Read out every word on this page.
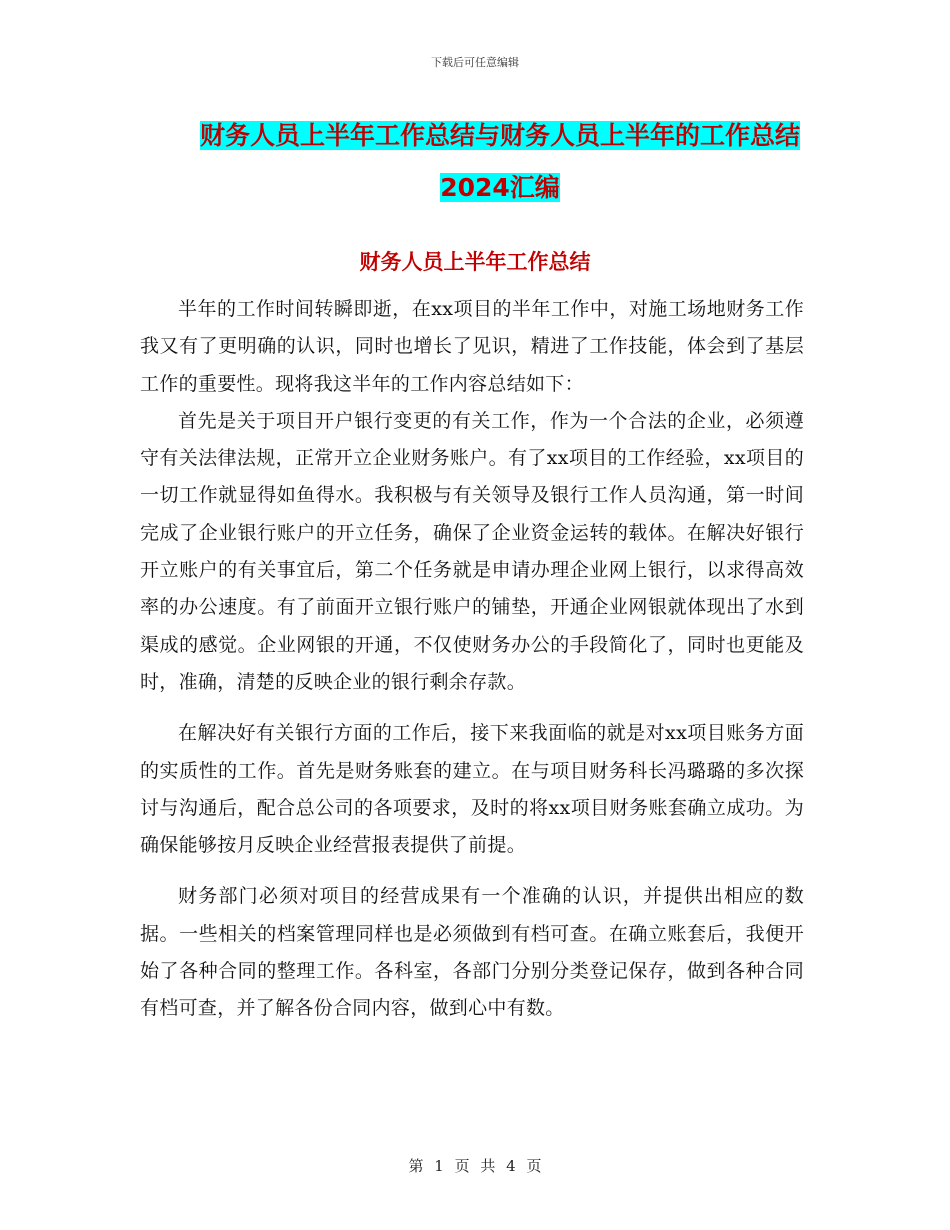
下载后可任意编辑
财务人员上半年工作总结与财务人员上半年的工作总结2024汇编
财务人员上半年工作总结

半年的工作时间转瞬即逝，在xx项目的半年工作中，对施工场地财务工作我又有了更明确的认识，同时也增长了见识，精进了工作技能，体会到了基层工作的重要性。现将我这半年的工作内容总结如下：

首先是关于项目开户银行变更的有关工作，作为一个合法的企业，必须遵守有关法律法规，正常开立企业财务账户。有了xx项目的工作经验，xx项目的一切工作就显得如鱼得水。我积极与有关领导及银行工作人员沟通，第一时间完成了企业银行账户的开立任务，确保了企业资金运转的载体。在解决好银行开立账户的有关事宜后，第二个任务就是申请办理企业网上银行，以求得高效率的办公速度。有了前面开立银行账户的铺垫，开通企业网银就体现出了水到渠成的感觉。企业网银的开通，不仅使财务办公的手段简化了，同时也更能及时，准确，清楚的反映企业的银行剩余存款。

在解决好有关银行方面的工作后，接下来我面临的就是对xx项目账务方面的实质性的工作。首先是财务账套的建立。在与项目财务科长冯璐璐的多次探讨与沟通后，配合总公司的各项要求，及时的将xx项目财务账套确立成功。为确保能够按月反映企业经营报表提供了前提。

财务部门必须对项目的经营成果有一个准确的认识，并提供出相应的数据。一些相关的档案管理同样也是必须做到有档可查。在确立账套后，我便开始了各种合同的整理工作。各科室，各部门分别分类登记保存，做到各种合同有档可查，并了解各份合同内容，做到心中有数。

第 1 页 共 4 页
